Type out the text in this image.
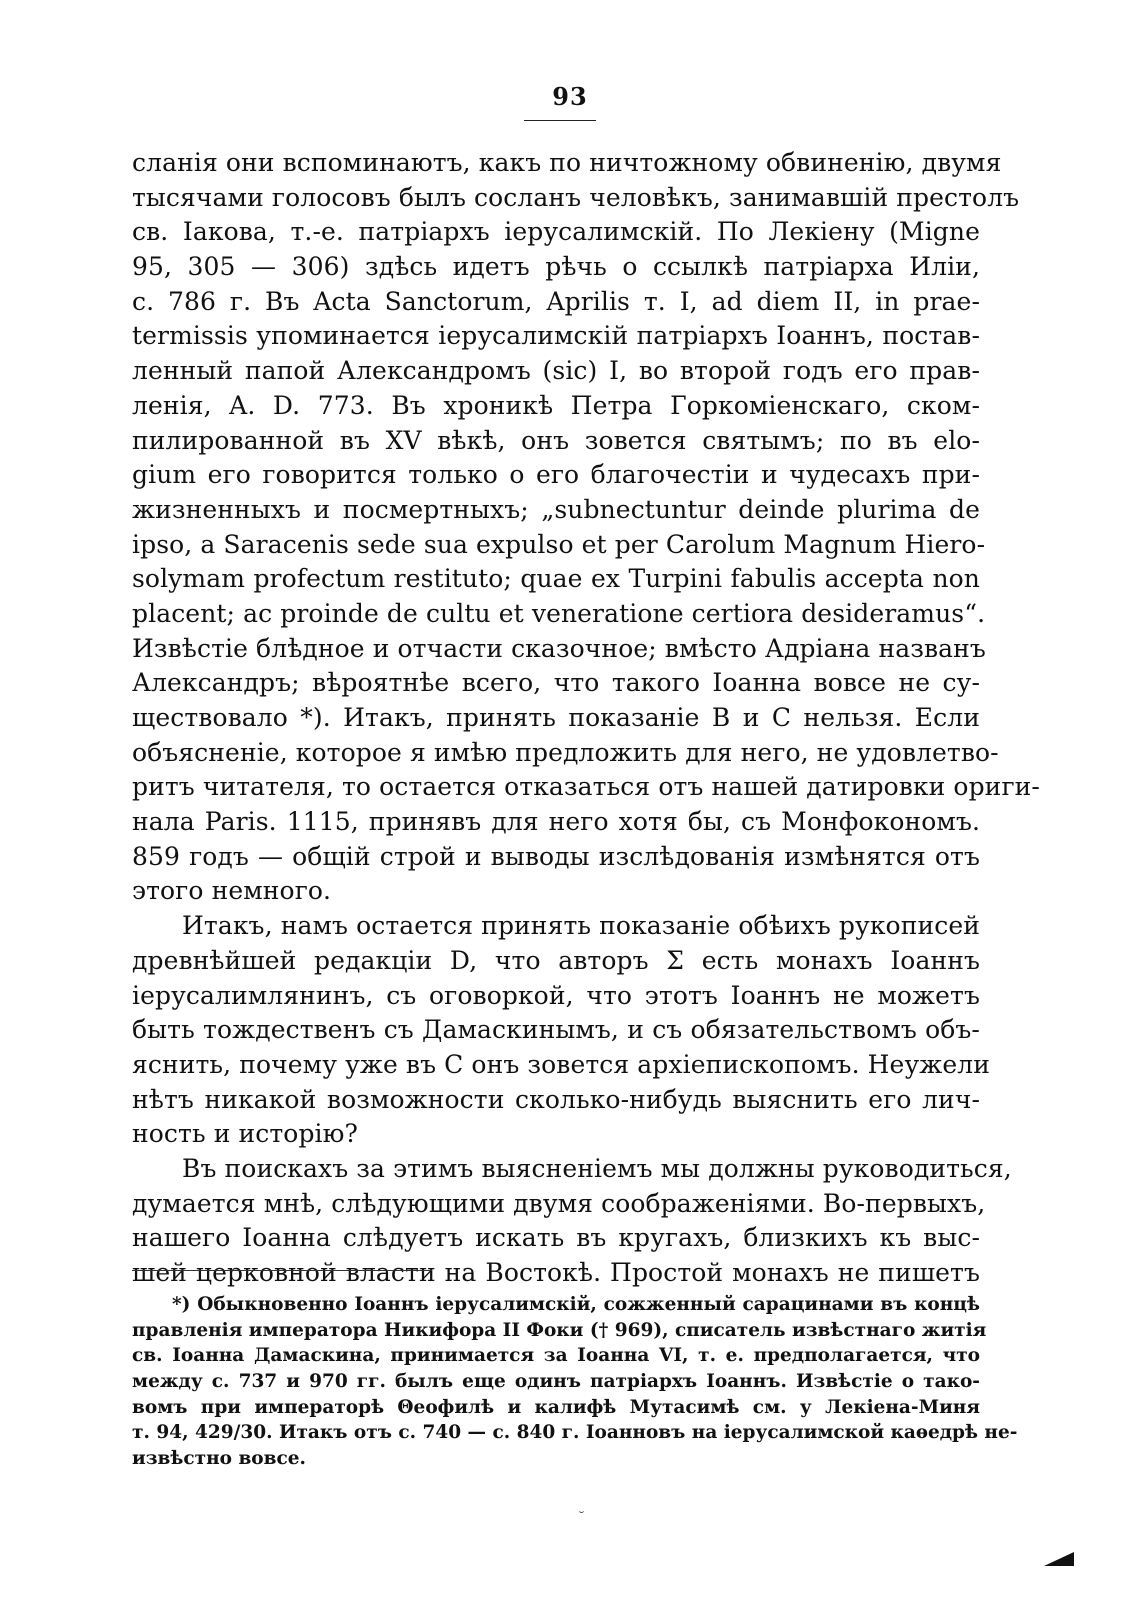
93
сланія они вспоминаютъ, какъ по ничтожному обвиненію, двумя
тысячами голосовъ былъ сосланъ человѣкъ, занимавшій престолъ
св. Іакова, т.-е. патріархъ іерусалимскій. По Лекіену (Migne
95, 305 — 306) здѣсь идетъ рѣчь о ссылкѣ патріарха Иліи,
с. 786 г. Въ Acta Sanctorum, Aprilis т. I, ad diem II, in prae-
termissis упоминается іерусалимскій патріархъ Іоаннъ, постав-
ленный папой Александромъ (sic) I, во второй годъ его прав-
ленія, A. D. 773. Въ хроникѣ Петра Горкоміенскаго, ском-
пилированной въ XV вѣкѣ, онъ зовется святымъ; по въ elo-
gium его говорится только о его благочестіи и чудесахъ при-
жизненныхъ и посмертныхъ; „subnectuntur deinde plurima de
ipso, a Saracenis sede sua expulso et per Carolum Magnum Hiero-
solymam profectum restituto; quae ex Turpini fabulis accepta non
placent; ac proinde de cultu et veneratione certiora desideramus“.
Извѣстіе блѣдное и отчасти сказочное; вмѣсто Адріана названъ
Александръ; вѣроятнѣе всего, что такого Іоанна вовсе не су-
ществовало *). Итакъ, принять показаніе B и C нельзя. Если
объясненіе, которое я имѣю предложить для него, не удовлетво-
ритъ читателя, то остается отказаться отъ нашей датировки ориги-
нала Paris. 1115, принявъ для него хотя бы, съ Монфокономъ.
859 годъ — общій строй и выводы изслѣдованія измѣнятся отъ
этого немного.
Итакъ, намъ остается принять показаніе обѣихъ рукописей
древнѣйшей редакціи D, что авторъ Σ есть монахъ Іоаннъ
іерусалимлянинъ, съ оговоркой, что этотъ Іоаннъ не можетъ
быть тождественъ съ Дамаскинымъ, и съ обязательствомъ объ-
яснить, почему уже въ C онъ зовется архіепископомъ. Неужели
нѣтъ никакой возможности сколько-нибудь выяснить его лич-
ность и исторію?
Въ поискахъ за этимъ выясненіемъ мы должны руководиться,
думается мнѣ, слѣдующими двумя соображеніями. Во-первыхъ,
нашего Іоанна слѣдуетъ искать въ кругахъ, близкихъ къ выс-
шей церковной власти на Востокѣ. Простой монахъ не пишетъ
*) Обыкновенно Іоаннъ іерусалимскій, сожженный сарацинами въ концѣ
правленія императора Никифора II Фоки († 969), списатель извѣстнаго житія
св. Іоанна Дамаскина, принимается за Іоанна VI, т. е. предполагается, что
между с. 737 и 970 гг. былъ еще одинъ патріархъ Іоаннъ. Извѣстіе о тако-
вомъ при императорѣ Θеофилѣ и калифѣ Мутасимѣ см. у Лекіена-Миня
т. 94, 429/30. Итакъ отъ с. 740 — с. 840 г. Іоанновъ на іерусалимской каѳедрѣ не-
извѣстно вовсе.
˘
